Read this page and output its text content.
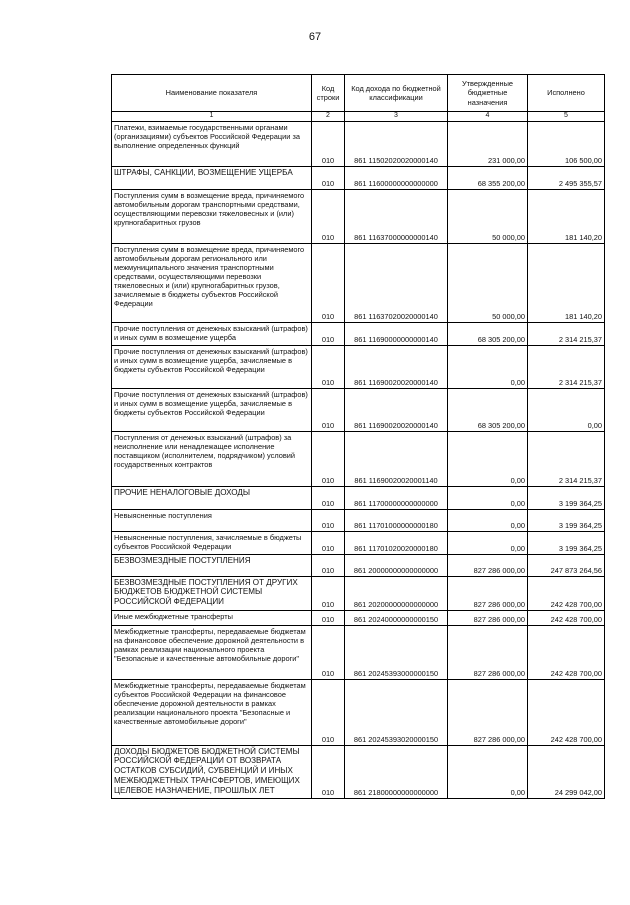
67
Наименование показателя	Код строки	Код дохода по бюджетной классификации	Утвержденные бюджетные назначения	Исполнено
1	2	3	4	5
Платежи, взимаемые государственными органами (организациями) субъектов Российской Федерации за выполнение определенных функций	010	861 11502020020000140	231 000,00	106 500,00
ШТРАФЫ, САНКЦИИ, ВОЗМЕЩЕНИЕ УЩЕРБА	010	861 11600000000000000	68 355 200,00	2 495 355,57
Поступления сумм в возмещение вреда, причиняемого автомобильным дорогам транспортными средствами, осуществляющими перевозки тяжеловесных и (или) крупногабаритных грузов	010	861 11637000000000140	50 000,00	181 140,20
Поступления сумм в возмещение вреда, причиняемого автомобильным дорогам регионального или межмуниципального значения транспортными средствами, осуществляющими перевозки тяжеловесных и (или) крупногабаритных грузов, зачисляемые в бюджеты субъектов Российской Федерации	010	861 11637020020000140	50 000,00	181 140,20
Прочие поступления от денежных взысканий (штрафов) и иных сумм в возмещение ущерба	010	861 11690000000000140	68 305 200,00	2 314 215,37
Прочие поступления от денежных взысканий (штрафов) и иных сумм в возмещение ущерба, зачисляемые в бюджеты субъектов Российской Федерации	010	861 11690020020000140	0,00	2 314 215,37
Прочие поступления от денежных взысканий (штрафов) и иных сумм в возмещение ущерба, зачисляемые в бюджеты субъектов Российской Федерации	010	861 11690020020000140	68 305 200,00	0,00
Поступления от денежных взысканий (штрафов) за неисполнение или ненадлежащее исполнение поставщиком (исполнителем, подрядчиком) условий государственных контрактов	010	861 11690020020001140	0,00	2 314 215,37
ПРОЧИЕ НЕНАЛОГОВЫЕ ДОХОДЫ	010	861 11700000000000000	0,00	3 199 364,25
Невыясненные поступления	010	861 11701000000000180	0,00	3 199 364,25
Невыясненные поступления, зачисляемые в бюджеты субъектов Российской Федерации	010	861 11701020020000180	0,00	3 199 364,25
БЕЗВОЗМЕЗДНЫЕ ПОСТУПЛЕНИЯ	010	861 20000000000000000	827 286 000,00	247 873 264,56
БЕЗВОЗМЕЗДНЫЕ ПОСТУПЛЕНИЯ ОТ ДРУГИХ БЮДЖЕТОВ БЮДЖЕТНОЙ СИСТЕМЫ РОССИЙСКОЙ ФЕДЕРАЦИИ	010	861 20200000000000000	827 286 000,00	242 428 700,00
Иные межбюджетные трансферты	010	861 20240000000000150	827 286 000,00	242 428 700,00
Межбюджетные трансферты, передаваемые бюджетам на финансовое обеспечение дорожной деятельности в рамках реализации национального проекта "Безопасные и качественные автомобильные дороги"	010	861 20245393000000150	827 286 000,00	242 428 700,00
Межбюджетные трансферты, передаваемые бюджетам субъектов Российской Федерации на финансовое обеспечение дорожной деятельности в рамках реализации национального проекта "Безопасные и качественные автомобильные дороги"	010	861 20245393020000150	827 286 000,00	242 428 700,00
ДОХОДЫ БЮДЖЕТОВ БЮДЖЕТНОЙ СИСТЕМЫ РОССИЙСКОЙ ФЕДЕРАЦИИ ОТ ВОЗВРАТА ОСТАТКОВ СУБСИДИЙ, СУБВЕНЦИЙ И ИНЫХ МЕЖБЮДЖЕТНЫХ ТРАНСФЕРТОВ, ИМЕЮЩИХ ЦЕЛЕВОЕ НАЗНАЧЕНИЕ, ПРОШЛЫХ ЛЕТ	010	861 21800000000000000	0,00	24 299 042,00
